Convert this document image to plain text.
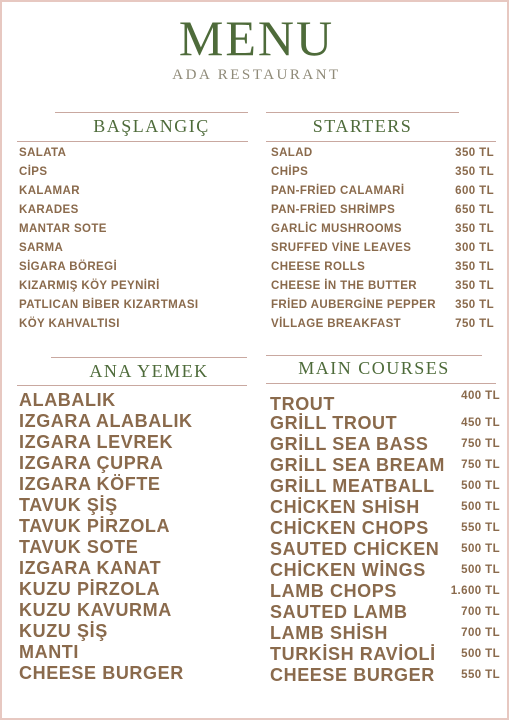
MENU
ADA RESTAURANT
BAŞLANGIÇ
SALATA
CİPS
KALAMAR
KARADES
MANTAR SOTE
SARMA
SİGARA BÖREGİ
KIZARMIŞ KÖY PEYNİRİ
PATLICAN BİBER KIZARTMASI
KÖY KAHVALTISI
STARTERS
SALAD	350 TL
CHİPS	350 TL
PAN-FRİED CALAMARİ	600 TL
PAN-FRİED SHRİMPS	650 TL
GARLİC MUSHROOMS	350 TL
SRUFFED VİNE LEAVES	300 TL
CHEESE ROLLS	350 TL
CHEESE İN THE BUTTER	350 TL
FRİED AUBERGİNE PEPPER 350 TL
VİLLAGE BREAKFAST	750 TL
ANA YEMEK
ALABALIK
IZGARA ALABALIK
IZGARA LEVREK
IZGARA ÇUPRA
IZGARA KÖFTE
TAVUK ŞİŞ
TAVUK PİRZOLA
TAVUK SOTE
IZGARA KANAT
KUZU PİRZOLA
KUZU KAVURMA
KUZU ŞİŞ
MANTI
CHEESE BURGER
MAIN COURSES
TROUT	400 TL
GRİLL TROUT	450 TL
GRİLL SEA BASS	750 TL
GRİLL SEA BREAM 750 TL
GRİLL MEATBALL 500 TL
CHİCKEN SHİSH	500 TL
CHİCKEN CHOPS	550 TL
SAUTED CHİCKEN 500 TL
CHİCKEN WİNGS	500 TL
LAMB CHOPS	1.600 TL
SAUTED LAMB	700 TL
LAMB SHİSH	700 TL
TURKİSH RAVİOLİ 500 TL
CHEESE BURGER 550 TL
